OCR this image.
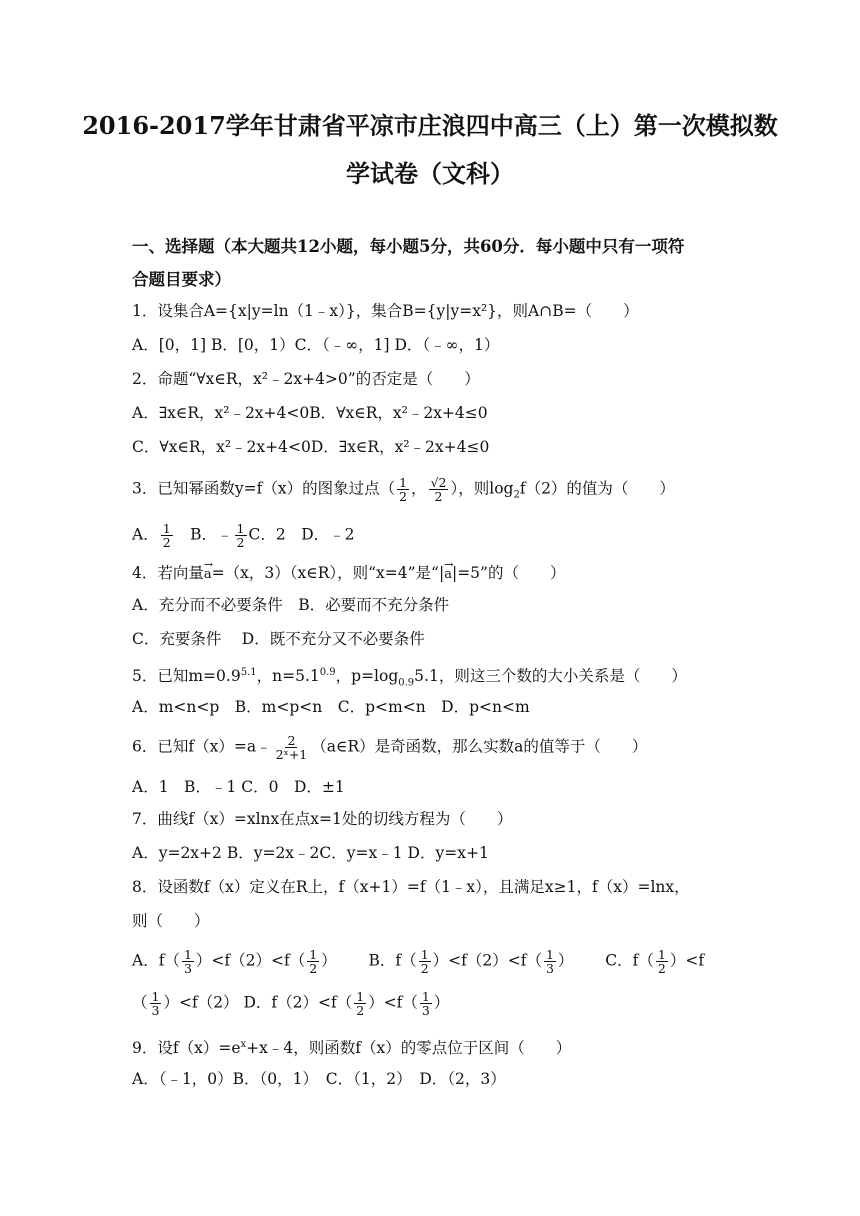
2016-2017学年甘肃省平凉市庄浪四中高三（上）第一次模拟数
学试卷（文科）
一、选择题（本大题共12小题，每小题5分，共60分．每小题中只有一项符
合题目要求）
1．设集合A={x|y=ln（1﹣x）}，集合B={y|y=x²}，则A∩B=（　　）
A．[0，1] B．[0，1）C．（﹣∞，1] D．（﹣∞，1）
2．命题“∀x∈R，x²﹣2x+4>0”的否定是（　　）
A．∃x∈R，x²﹣2x+4<0B．∀x∈R，x²﹣2x+4≤0
C．∀x∈R，x²﹣2x+4<0D．∃x∈R，x²﹣2x+4≤0
3．已知幂函数y=f（x）的图象过点（ $\frac{1}{2}$ ， $\frac{√2}{2}$ ），则$\log_2f(2)$的值为（　　）
A． $\frac{1}{2}$ 　B．﹣ $\frac{1}{2}$ C．2　D．﹣2
4．若向量→ a=（x，3）（x∈R），则“x=4”是“|→ a|=5”的（　　）
A．充分而不必要条件　B．必要而不充分条件
C．充要条件　 D．既不充分又不必要条件
5．已知$m=0.9^{5.1}$，$n=5.1^{0.9}$，$p=\log_{0.9}5.1$，则这三个数的大小关系是（　　）
A．m<n<p　B．m<p<n　C．p<m<n　D．p<n<m
6．已知f（x）=a﹣ $\frac{2}{\text{2ˣ+1}}$ （a∈R）是奇函数，那么实数a的值等于（　　）
A．1　B．﹣1 C．0　D．±1
7．曲线f（x）=xlnx在点x=1处的切线方程为（　　）
A．y=2x+2 B．y=2x﹣2C．y=x﹣1 D．y=x+1
8．设函数f（x）定义在R上，f（x+1）=f（1﹣x），且满足x≥1，f（x）=lnx，
则（　　）
A．$f( \frac{1}{3} )<f(2)<f( \frac{1}{2}$ ） B．$f( \frac{1}{2} )<f(2)<f( \frac{1}{3}$ ） C．$f( \frac{1}{2} )<f$
（ $\frac{1}{3} )<f(2)$ D．$f(2)<f( \frac{1}{2} )<f( \frac{1}{3}$ ）
9．设$f(x)=e^x+x﹣4$，则函数f（x）的零点位于区间（　　）
A．（﹣1，0）B．（0，1）　C．（1，2）　D．（2，3）
